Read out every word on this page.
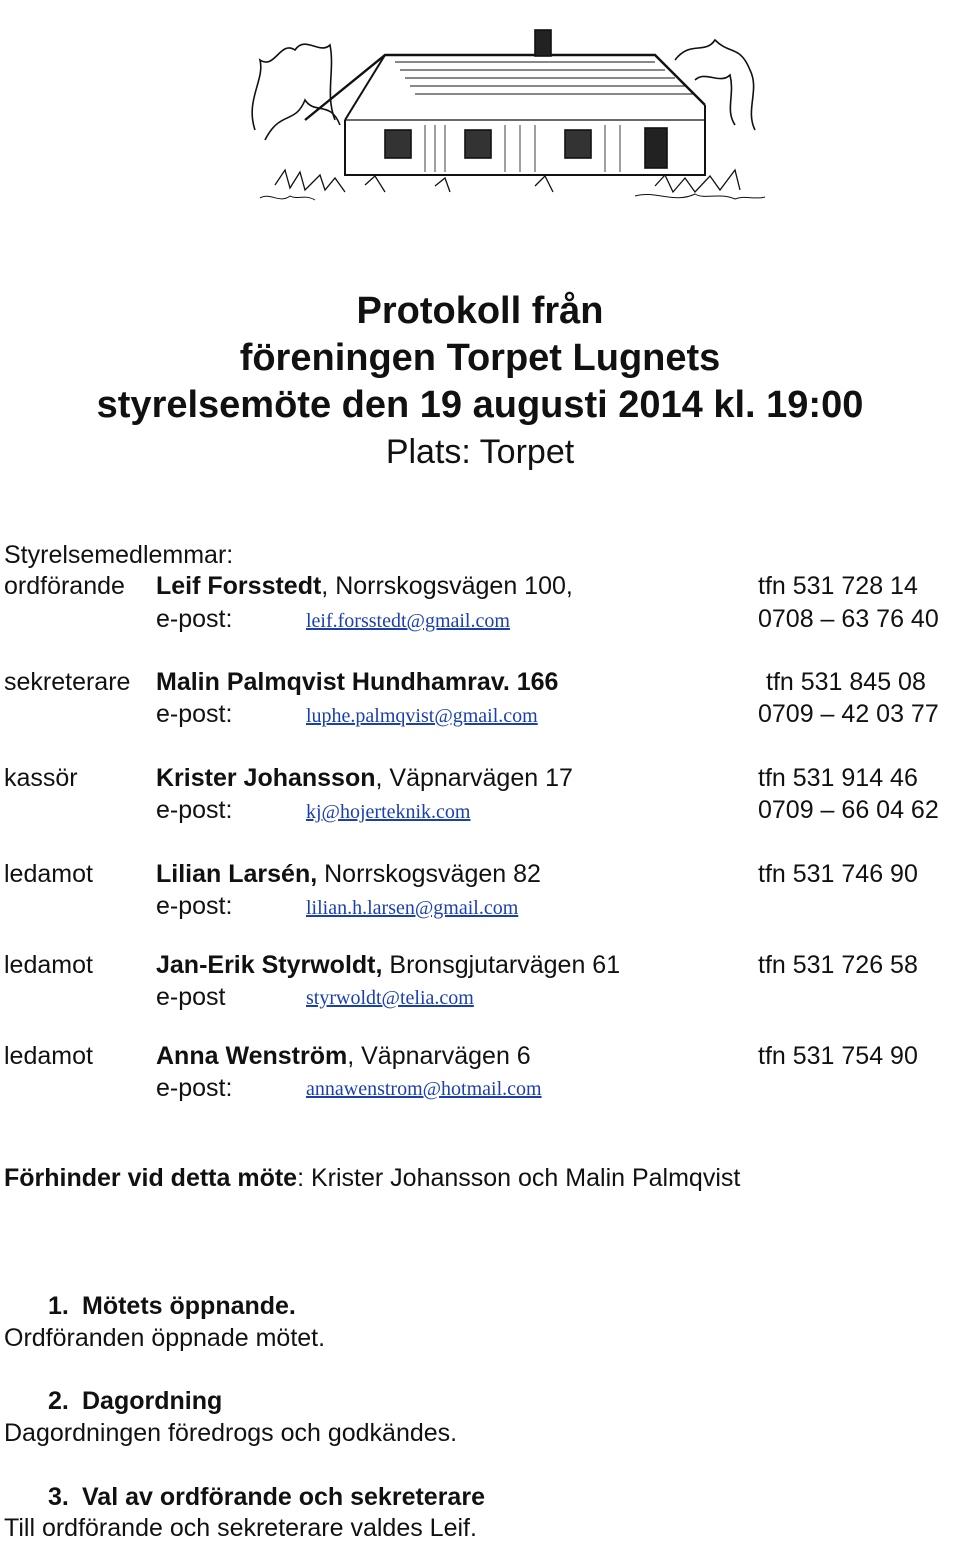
Protokoll från
föreningen Torpet Lugnets
styrelsemöte den 19 augusti 2014 kl. 19:00
Plats: Torpet
Styrelsemedlemmar:
ordförande Leif Forsstedt, Norrskogsvägen 100,	tfn 531 728 14
e-post:	leif.forsstedt@gmail.com	0708 – 63 76 40
sekreterare Malin Palmqvist Hundhamrav. 166	tfn 531 845 08
e-post:	luphe.palmqvist@gmail.com	0709 – 42 03 77
kassör	Krister Johansson, Väpnarvägen 17	tfn 531 914 46
e-post:	kj@hojerteknik.com	0709 – 66 04 62
ledamot	Lilian Larsén, Norrskogsvägen 82	tfn 531 746 90
e-post:	lilian.h.larsen@gmail.com
ledamot	Jan-Erik Styrwoldt, Bronsgjutarvägen 61	tfn 531 726 58
e-post	styrwoldt@telia.com
ledamot	Anna Wenström, Väpnarvägen 6	tfn 531 754 90
e-post:	annawenstrom@hotmail.com
Förhinder vid detta möte: Krister Johansson och Malin Palmqvist
1. Mötets öppnande.
Ordföranden öppnade mötet.
2. Dagordning
Dagordningen föredrogs och godkändes.
3. Val av ordförande och sekreterare
Till ordförande och sekreterare valdes Leif.
